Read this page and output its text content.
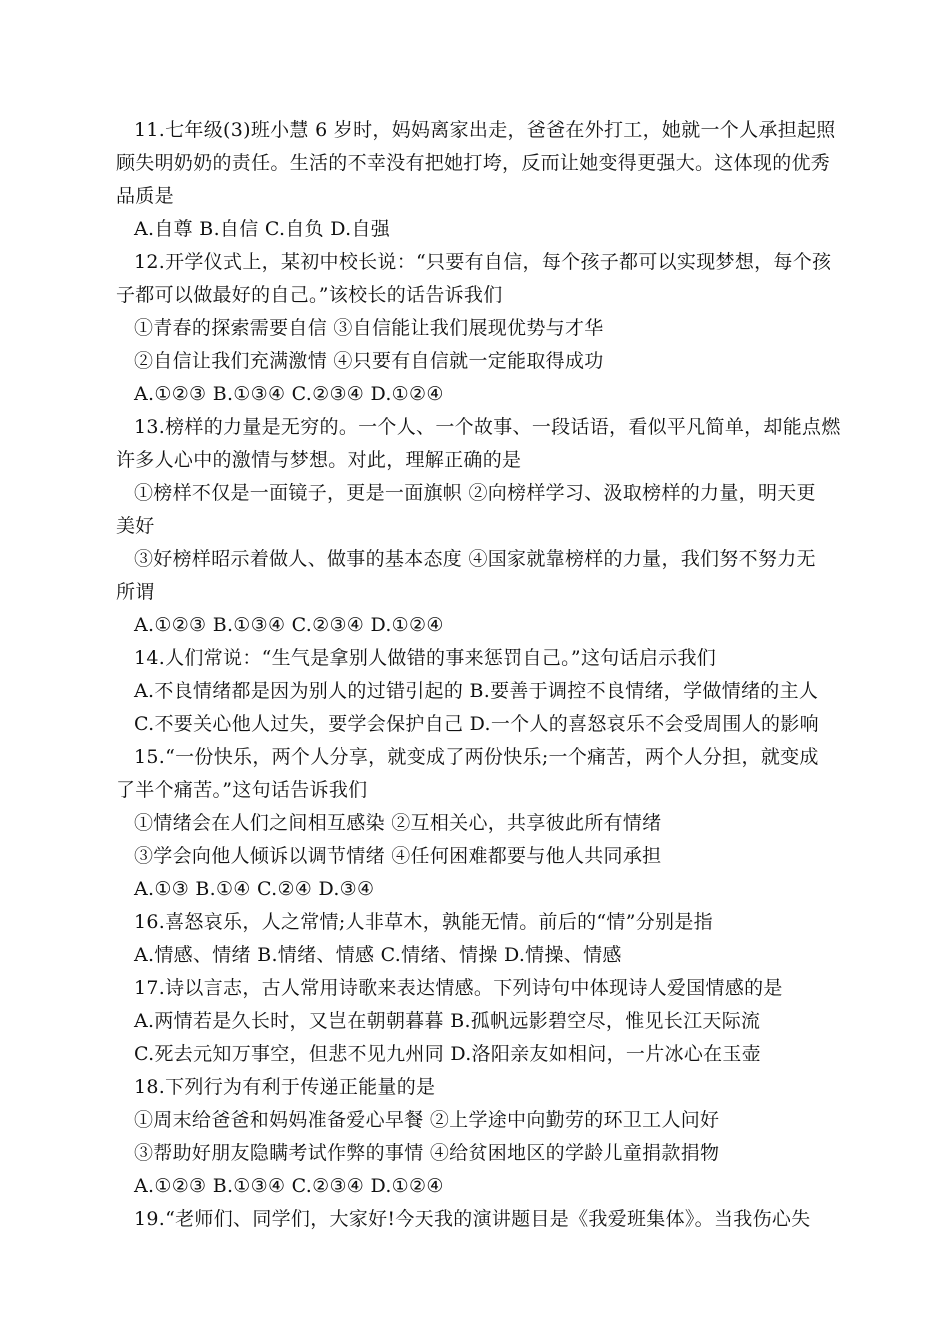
11.七年级(3)班小慧 6 岁时，妈妈离家出走，爸爸在外打工，她就一个人承担起照
顾失明奶奶的责任。生活的不幸没有把她打垮，反而让她变得更强大。这体现的优秀
品质是
A.自尊 B.自信 C.自负 D.自强
12.开学仪式上，某初中校长说：“只要有自信，每个孩子都可以实现梦想，每个孩
子都可以做最好的自己。”该校长的话告诉我们
①青春的探索需要自信 ③自信能让我们展现优势与才华
②自信让我们充满激情 ④只要有自信就一定能取得成功
A.①②③ B.①③④ C.②③④ D.①②④
13.榜样的力量是无穷的。一个人、一个故事、一段话语，看似平凡简单，却能点燃
许多人心中的激情与梦想。对此，理解正确的是
①榜样不仅是一面镜子，更是一面旗帜 ②向榜样学习、汲取榜样的力量，明天更
美好
③好榜样昭示着做人、做事的基本态度 ④国家就靠榜样的力量，我们努不努力无
所谓
A.①②③ B.①③④ C.②③④ D.①②④
14.人们常说：“生气是拿别人做错的事来惩罚自己。”这句话启示我们
A.不良情绪都是因为别人的过错引起的 B.要善于调控不良情绪，学做情绪的主人
C.不要关心他人过失，要学会保护自己 D.一个人的喜怒哀乐不会受周围人的影响
15.“一份快乐，两个人分享，就变成了两份快乐;一个痛苦，两个人分担，就变成
了半个痛苦。”这句话告诉我们
①情绪会在人们之间相互感染 ②互相关心，共享彼此所有情绪
③学会向他人倾诉以调节情绪 ④任何困难都要与他人共同承担
A.①③ B.①④ C.②④ D.③④
16.喜怒哀乐，人之常情;人非草木，孰能无情。前后的“情”分别是指
A.情感、情绪 B.情绪、情感 C.情绪、情操 D.情操、情感
17.诗以言志，古人常用诗歌来表达情感。下列诗句中体现诗人爱国情感的是
A.两情若是久长时，又岂在朝朝暮暮 B.孤帆远影碧空尽，惟见长江天际流
C.死去元知万事空，但悲不见九州同 D.洛阳亲友如相问，一片冰心在玉壶
18.下列行为有利于传递正能量的是
①周末给爸爸和妈妈准备爱心早餐 ②上学途中向勤劳的环卫工人问好
③帮助好朋友隐瞒考试作弊的事情 ④给贫困地区的学龄儿童捐款捐物
A.①②③ B.①③④ C.②③④ D.①②④
19.“老师们、同学们，大家好!今天我的演讲题目是《我爱班集体》。当我伤心失
